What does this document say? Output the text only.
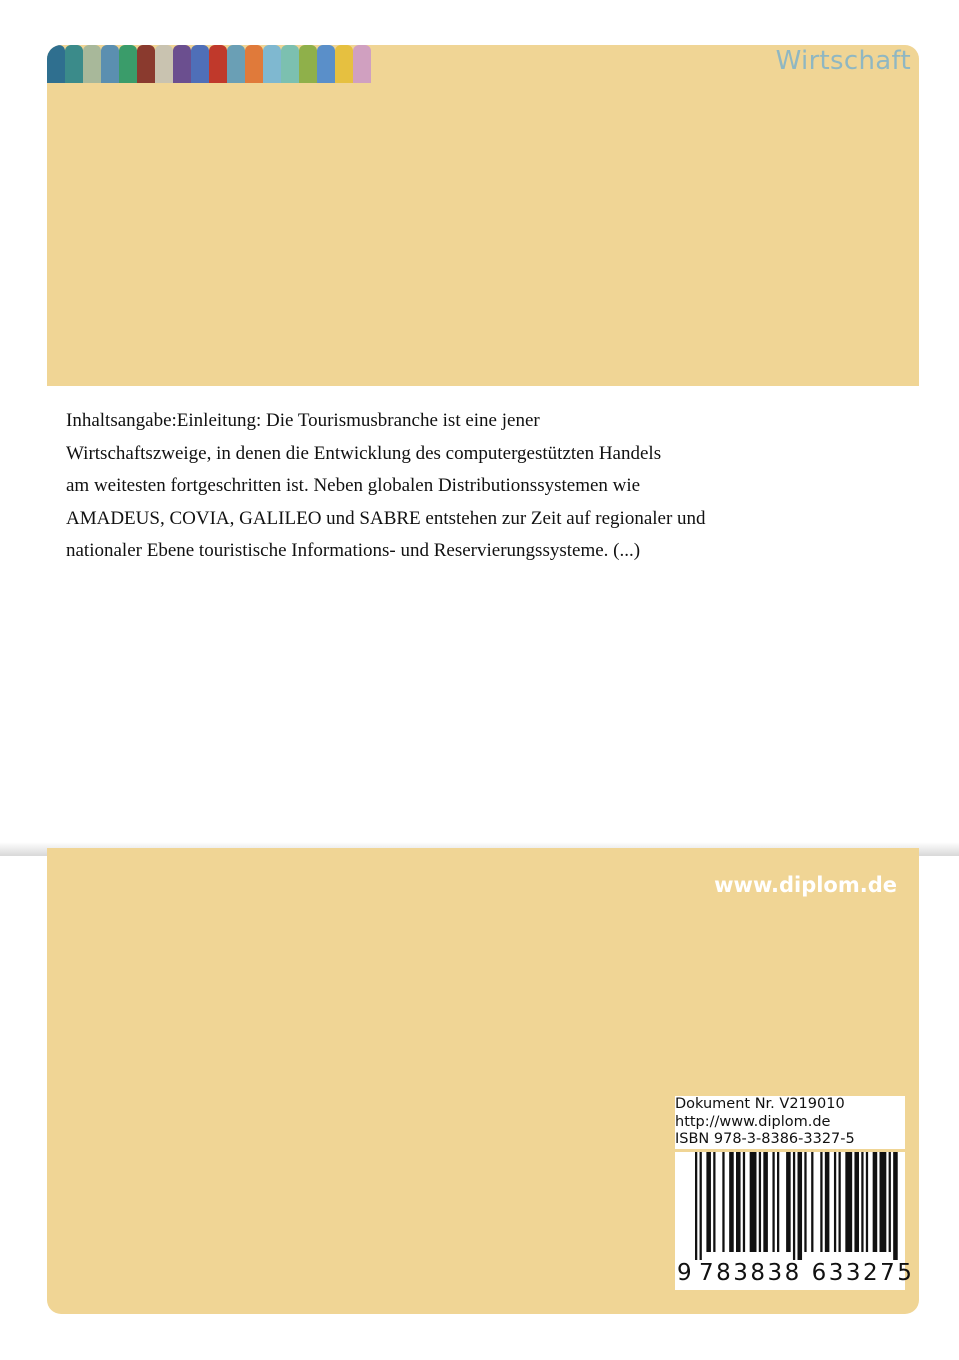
Wirtschaft

Inhaltsangabe:Einleitung: Die Tourismusbranche ist eine jener

Wirtschaftszweige, in denen die Entwicklung des computergestützten Handels

am weitesten fortgeschritten ist. Neben globalen Distributionssystemen wie

AMADEUS, COVIA, GALILEO und SABRE entstehen zur Zeit auf regionaler und

nationaler Ebene touristische Informations- und Reservierungssysteme. (...)

www.diplom.de
Dokument Nr. V219010
http://www.diplom.de
ISBN 978-3-8386-3327-5
9 783838 633275
